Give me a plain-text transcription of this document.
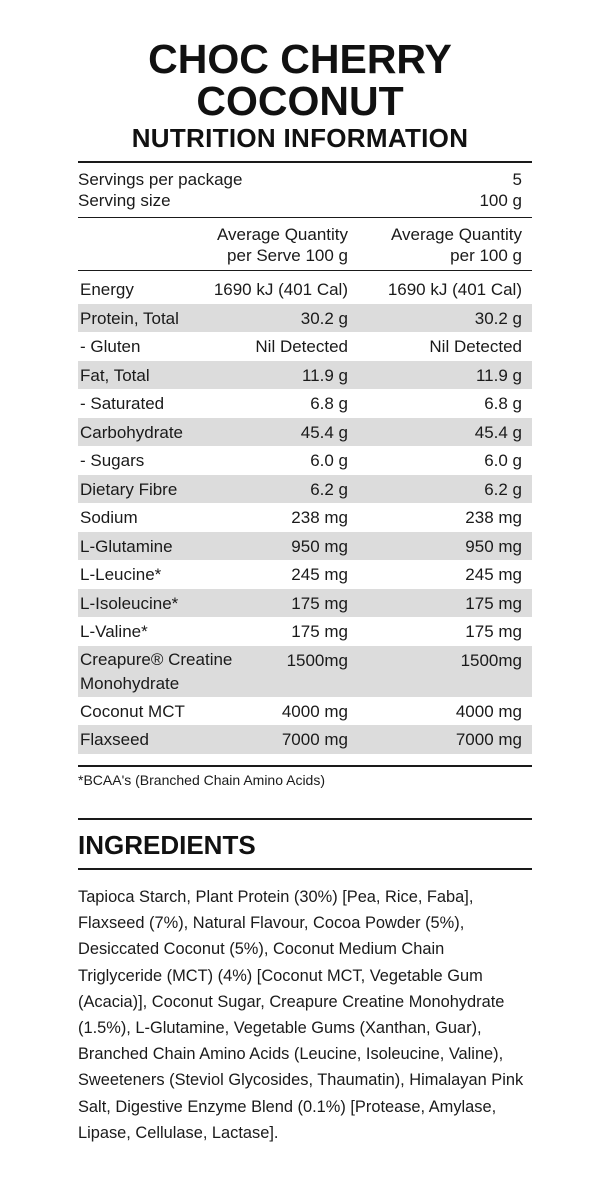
CHOC CHERRY
COCONUT
NUTRITION INFORMATION
Servings per package	5
Serving size	100 g
Average Quantity
per Serve 100 g
Average Quantity
per 100 g
Energy	1690 kJ (401 Cal) 1690 kJ (401 Cal)
Protein, Total	30.2 g	30.2 g
- Gluten	Nil Detected	Nil Detected
Fat, Total	11.9 g	11.9 g
- Saturated	6.8 g	6.8 g
Carbohydrate	45.4 g	45.4 g
- Sugars	6.0 g	6.0 g
Dietary Fibre	6.2 g	6.2 g
Sodium	238 mg	238 mg
L-Glutamine	950 mg	950 mg
L-Leucine*	245 mg	245 mg
L-Isoleucine*	175 mg	175 mg
L-Valine*	175 mg	175 mg
Creapure® Creatine Monohydrate
1500mg	1500mg
Coconut MCT	4000 mg	4000 mg
Flaxseed	7000 mg	7000 mg
*BCAA's (Branched Chain Amino Acids)
INGREDIENTS
Tapioca Starch, Plant Protein (30%) [Pea, Rice, Faba], Flaxseed (7%), Natural Flavour, Cocoa Powder (5%), Desiccated Coconut (5%), Coconut Medium Chain Triglyceride (MCT) (4%) [Coconut MCT, Vegetable Gum (Acacia)], Coconut Sugar, Creapure Creatine Monohydrate (1.5%), L-Glutamine, Vegetable Gums (Xanthan, Guar), Branched Chain Amino Acids (Leucine, Isoleucine, Valine), Sweeteners (Steviol Glycosides, Thaumatin), Himalayan Pink Salt, Digestive Enzyme Blend (0.1%) [Protease, Amylase, Lipase, Cellulase, Lactase].
